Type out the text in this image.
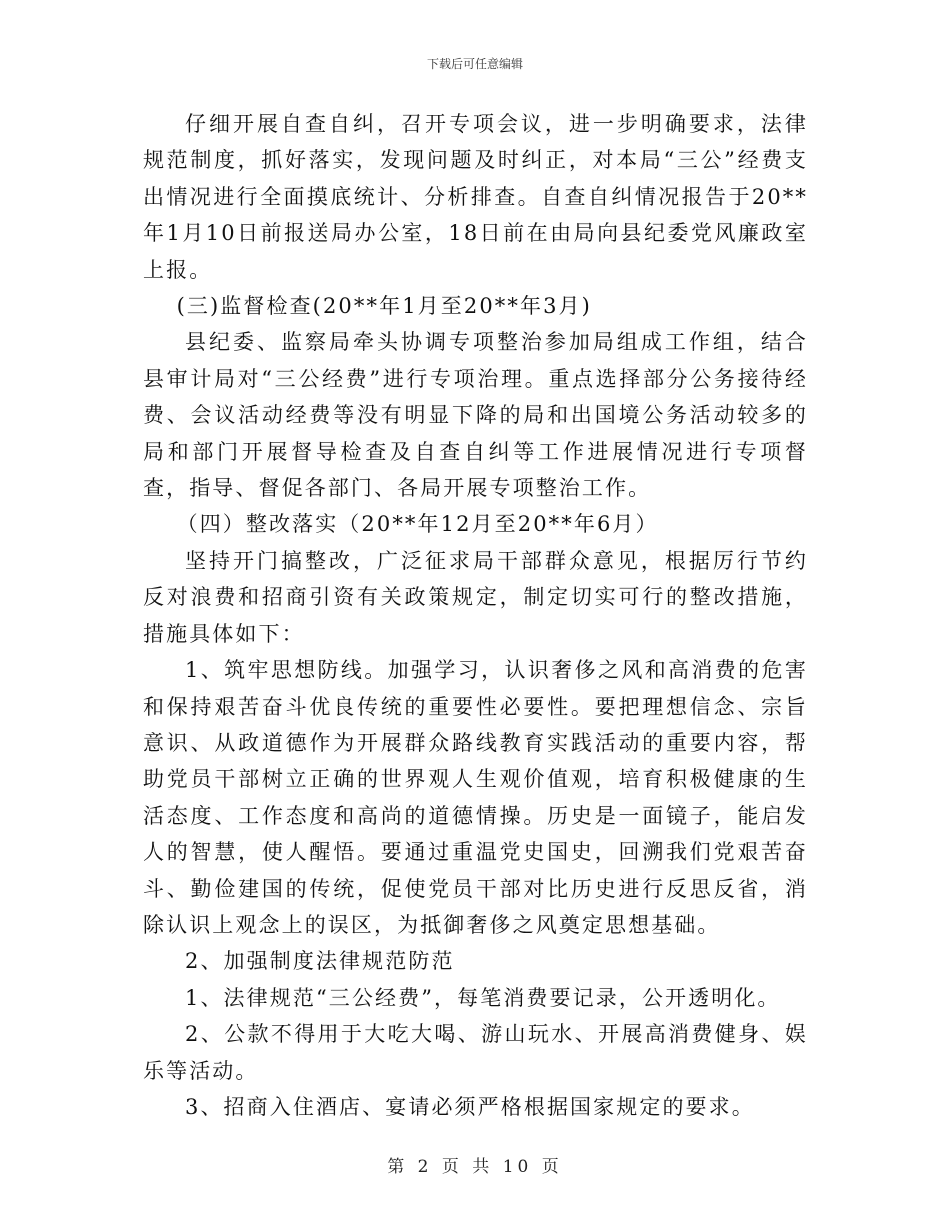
下载后可任意编辑

仔细开展自查自纠，召开专项会议，进一步明确要求，法律规范制度，抓好落实，发现问题及时纠正，对本局“三公”经费支出情况进行全面摸底统计、分析排查。自查自纠情况报告于20**年1月10日前报送局办公室，18日前在由局向县纪委党风廉政室上报。

(三)监督检查(20**年1月至20**年3月)

县纪委、监察局牵头协调专项整治参加局组成工作组，结合县审计局对“三公经费”进行专项治理。重点选择部分公务接待经费、会议活动经费等没有明显下降的局和出国境公务活动较多的局和部门开展督导检查及自查自纠等工作进展情况进行专项督查，指导、督促各部门、各局开展专项整治工作。

（四）整改落实（20**年12月至20**年6月）

坚持开门搞整改，广泛征求局干部群众意见，根据厉行节约反对浪费和招商引资有关政策规定，制定切实可行的整改措施，措施具体如下：

1、筑牢思想防线。加强学习，认识奢侈之风和高消费的危害和保持艰苦奋斗优良传统的重要性必要性。要把理想信念、宗旨意识、从政道德作为开展群众路线教育实践活动的重要内容，帮助党员干部树立正确的世界观人生观价值观，培育积极健康的生活态度、工作态度和高尚的道德情操。历史是一面镜子，能启发人的智慧，使人醒悟。要通过重温党史国史，回溯我们党艰苦奋斗、勤俭建国的传统，促使党员干部对比历史进行反思反省，消除认识上观念上的误区，为抵御奢侈之风奠定思想基础。

2、加强制度法律规范防范

1、法律规范“三公经费”，每笔消费要记录，公开透明化。

2、公款不得用于大吃大喝、游山玩水、开展高消费健身、娱乐等活动。

3、招商入住酒店、宴请必须严格根据国家规定的要求。

第 2 页 共 10 页
